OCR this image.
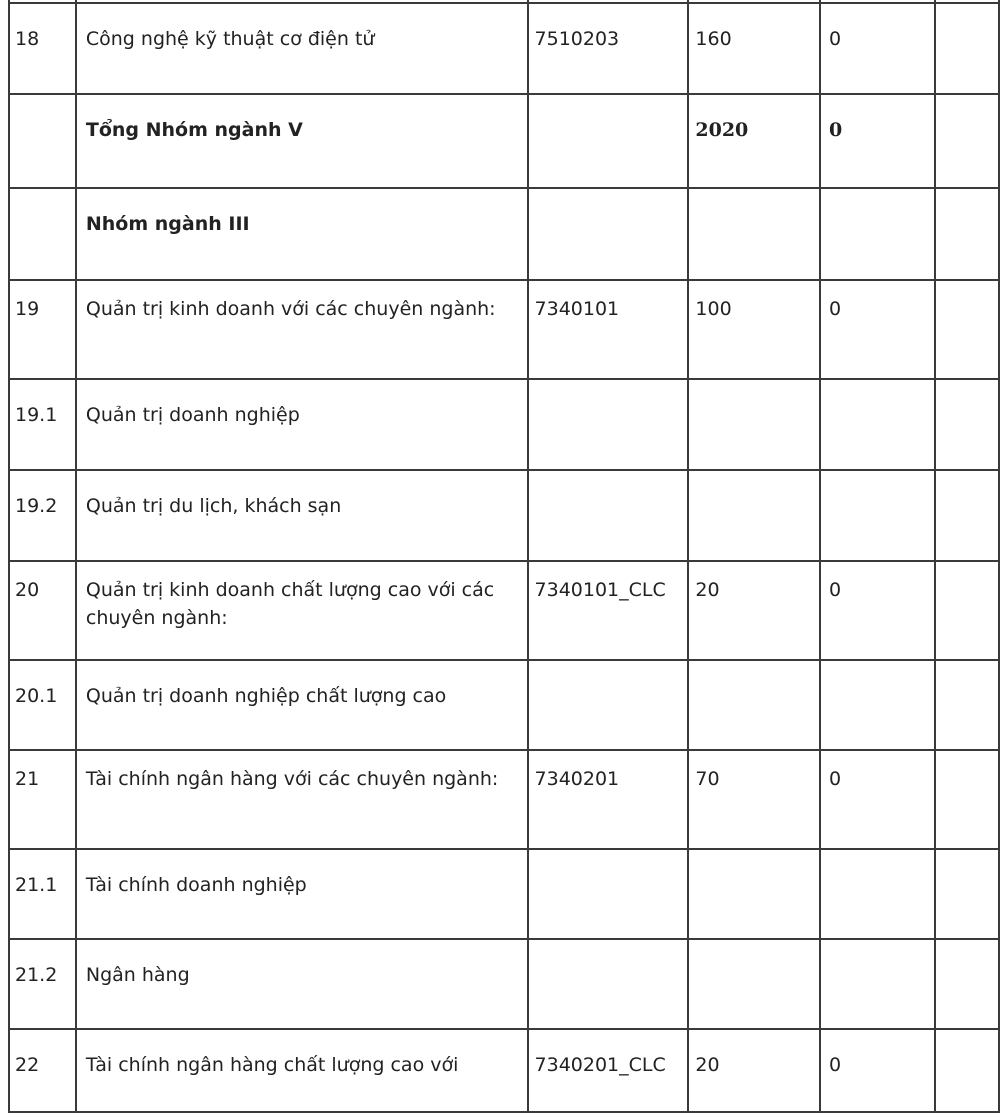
18	Công nghệ kỹ thuật cơ điện tử	7510203	160	0	
	Tổng Nhóm ngành V		2020	0	
	Nhóm ngành III				
19	Quản trị kinh doanh với các chuyên ngành:	7340101	100	0	
19.1	Quản trị doanh nghiệp				
19.2	Quản trị du lịch, khách sạn				
20	Quản trị kinh doanh chất lượng cao với các chuyên ngành:	7340101_CLC	20	0	
20.1	Quản trị doanh nghiệp chất lượng cao				
21	Tài chính ngân hàng với các chuyên ngành:	7340201	70	0	
21.1	Tài chính doanh nghiệp				
21.2	Ngân hàng				
22	Tài chính ngân hàng chất lượng cao với	7340201_CLC	20	0	
